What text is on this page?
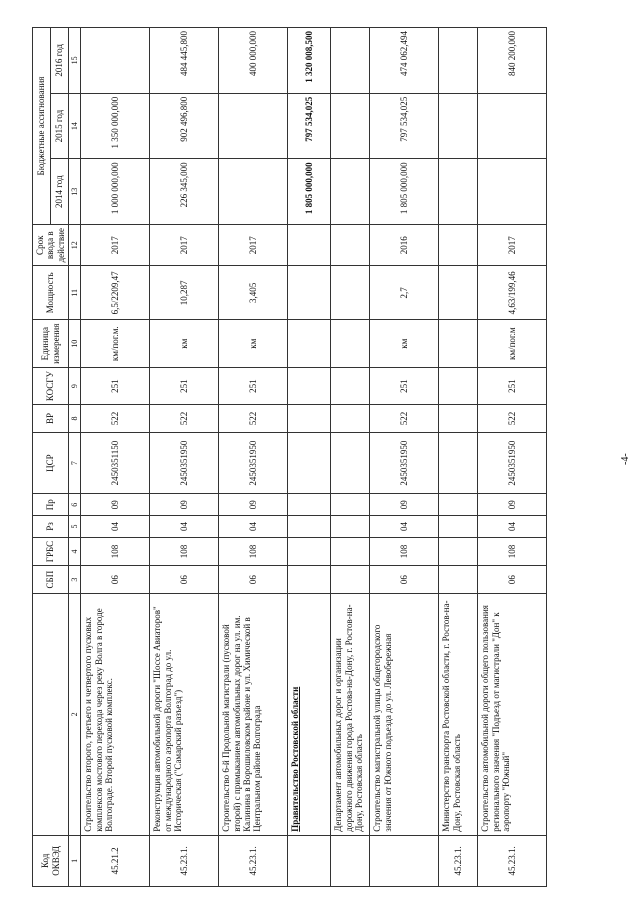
Код ОКВЭД		СБП	ГРБС	Рз	Пр	ЦСР	ВР	КОСГУ	Единица измерения	Мощность	Срок ввода в действие	Бюджетные ассигнования		
												2014 год	2015 год	2016 год
1	2	3	4	5	6	7	8	9	10	11	12	13	14	15
45.21.2	Строительство второго, третьего и четвертого пусковых комплексов мостового перехода через реку Волга в городе Волгограде. Второй пусковой комплекс.	06	108	04	09	2450351150	522	251	км/пог.м.	6,5/2209,47	2017	1 000 000,000	1 350 000,000	
45.23.1.	Реконструкция автомобильной дороги "Шоссе Авиаторов" от международного аэропорта Волгоград до ул. Историческая ("Самарский разъезд")	06	108	04	09	2450351950	522	251	км	10,287	2017	226 345,000	902 496,800	484 445,800
45.23.1.	Строительство 6-й Продольной магистрали (пусковой второй) с примыканием автомобильных дорог на ул. им. Калинина в Ворошиловском районе и ул. Химической в Центральном районе Волгограда	06	108	04	09	2450351950	522	251	км	3,405	2017			400 000,000
	Правительство Ростовской области											1 805 000,000	797 534,025	1 320 008,500
	Департамент автомобильных дорог и организации дорожного движения города Ростова-на-Дону, г. Ростов-на-Дону, Ростовская область													
	Строительство магистральной улицы общегородского значения от Южного подъезда до ул. Левобережная	06	108	04	09	2450351950	522	251	км	2,7	2016	1 805 000,000	797 534,025	474 062,494
45.23.1.	Министерство транспорта Ростовской области, г. Ростов-на-Дону, Ростовская область													
45.23.1.	Строительство автомобильной дороги общего пользования регионального значения "Подъезд от магистрали "Дон" к аэропорту "Южный"	06	108	04	09	2450351950	522	251	км/пог.м	4,63/199,46	2017			840 200,000
-4-
